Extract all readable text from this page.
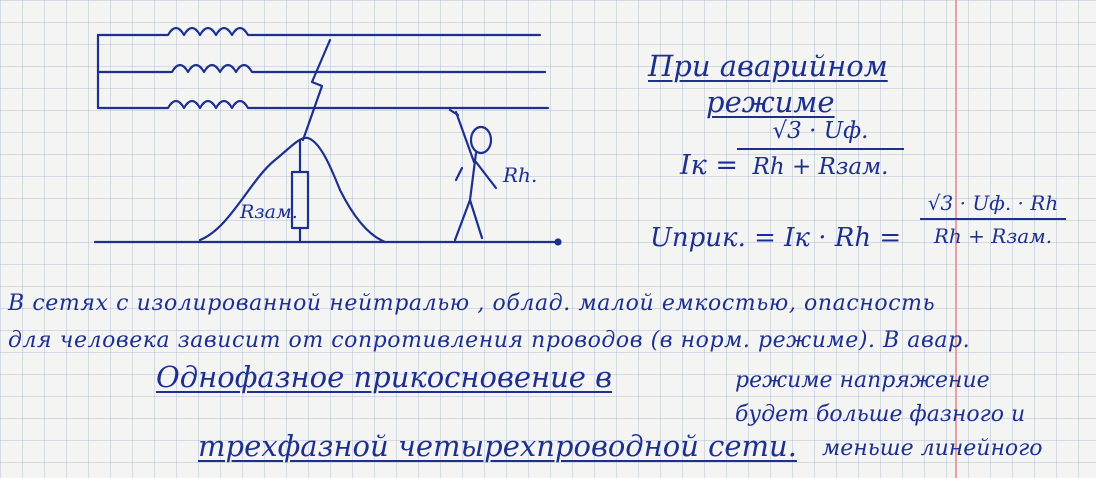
Rзам.
Rh.
При аварийном
режиме
Iк =
√3 · Uф.
Rh + Rзам.
Uприк. = Iк · Rh =
√3 · Uф. · Rh
Rh + Rзам.
В сетях с изолированной нейтралью , облад. малой емкостью, опасность
для человека зависит от сопротивления проводов (в норм. режиме). В авар.
Однофазное прикосновение в	режиме напряжение
будет больше фазного и
трехфазной четырехпроводной сети. меньше линейного
